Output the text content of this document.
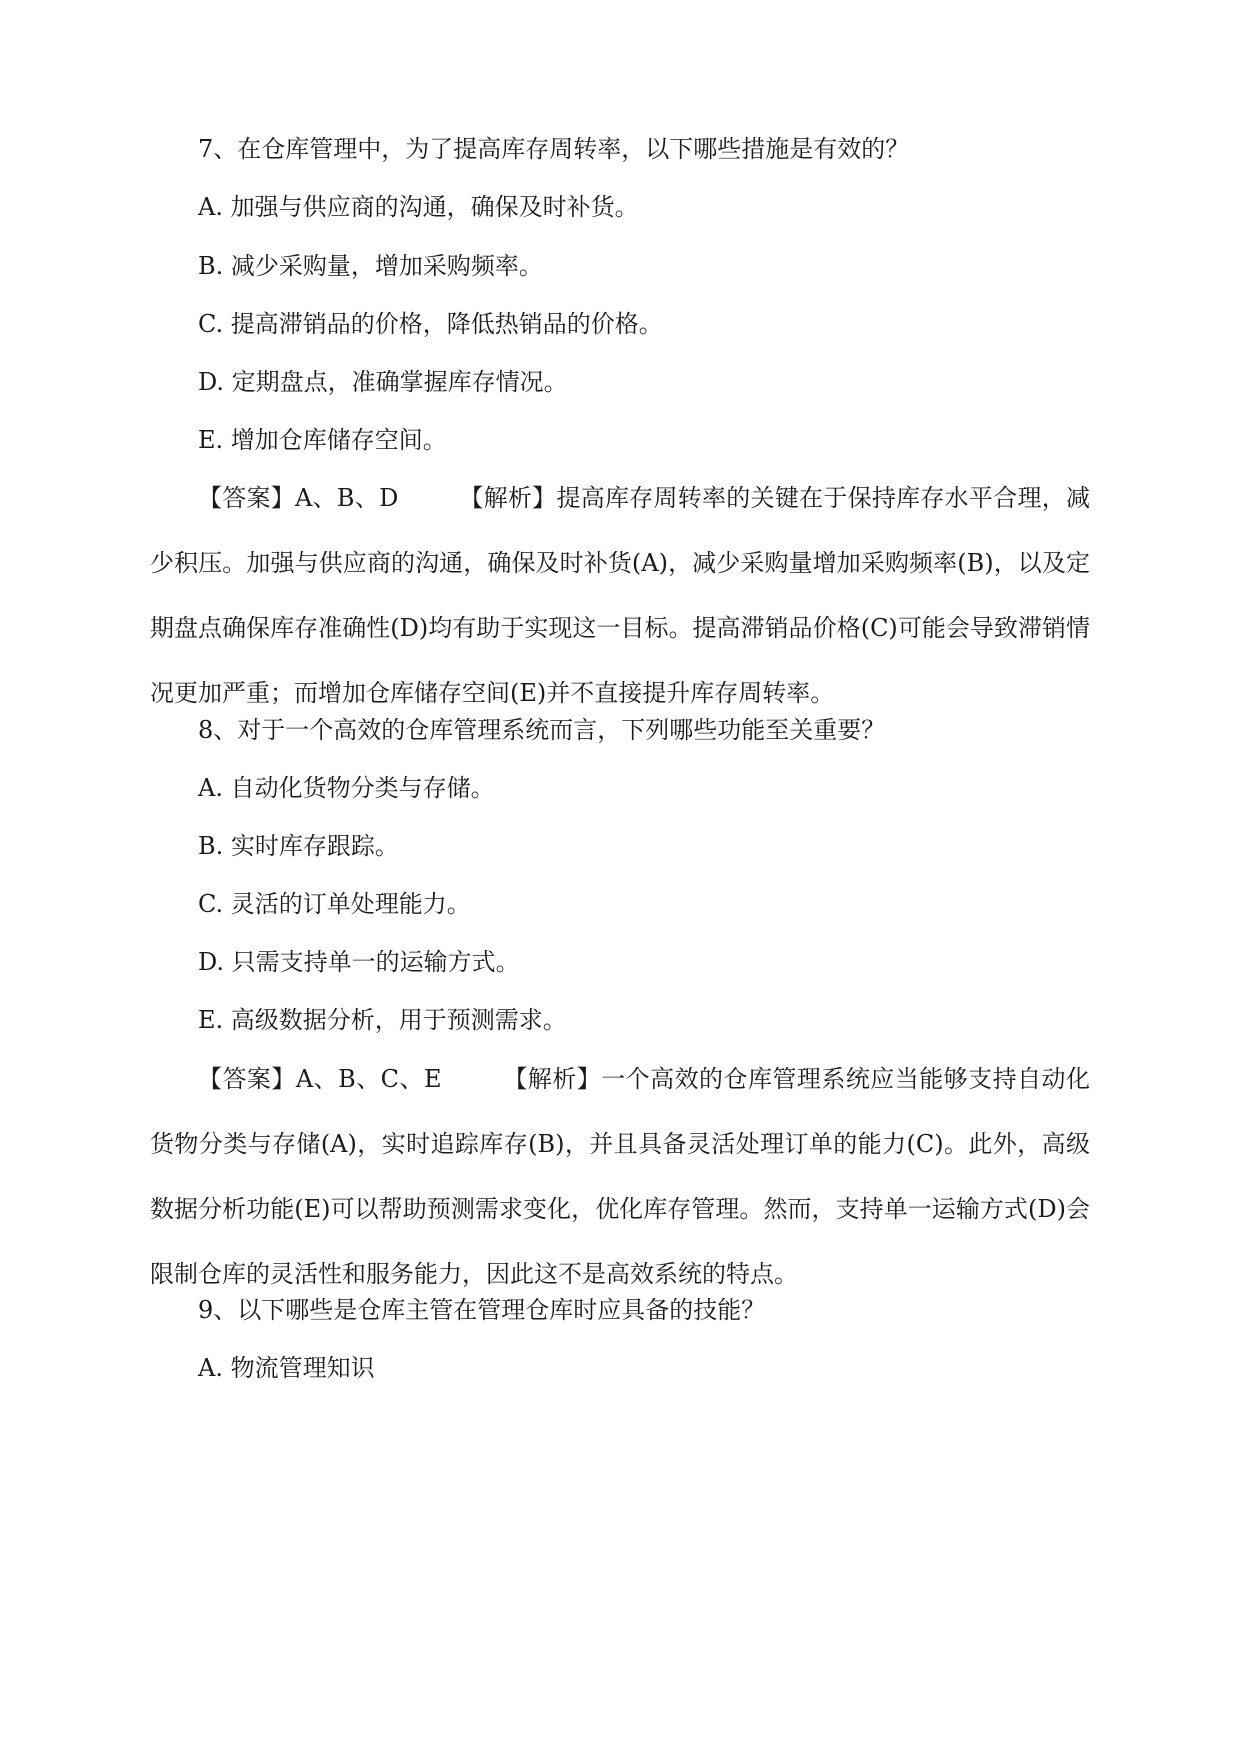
7、在仓库管理中，为了提高库存周转率，以下哪些措施是有效的？
A. 加强与供应商的沟通，确保及时补货。
B. 减少采购量，增加采购频率。
C. 提高滞销品的价格，降低热销品的价格。
D. 定期盘点，准确掌握库存情况。
E. 增加仓库储存空间。
【答案】A、B、D　　　【解析】提高库存周转率的关键在于保持库存水平合理，减少积压。加强与供应商的沟通，确保及时补货(A)，减少采购量增加采购频率(B)，以及定期盘点确保库存准确性(D)均有助于实现这一目标。提高滞销品价格(C)可能会导致滞销情况更加严重；而增加仓库储存空间(E)并不直接提升库存周转率。
8、对于一个高效的仓库管理系统而言，下列哪些功能至关重要？
A. 自动化货物分类与存储。
B. 实时库存跟踪。
C. 灵活的订单处理能力。
D. 只需支持单一的运输方式。
E. 高级数据分析，用于预测需求。
【答案】A、B、C、E　　　【解析】一个高效的仓库管理系统应当能够支持自动化货物分类与存储(A)，实时追踪库存(B)，并且具备灵活处理订单的能力(C)。此外，高级数据分析功能(E)可以帮助预测需求变化，优化库存管理。然而，支持单一运输方式(D)会限制仓库的灵活性和服务能力，因此这不是高效系统的特点。
9、以下哪些是仓库主管在管理仓库时应具备的技能？
A. 物流管理知识
